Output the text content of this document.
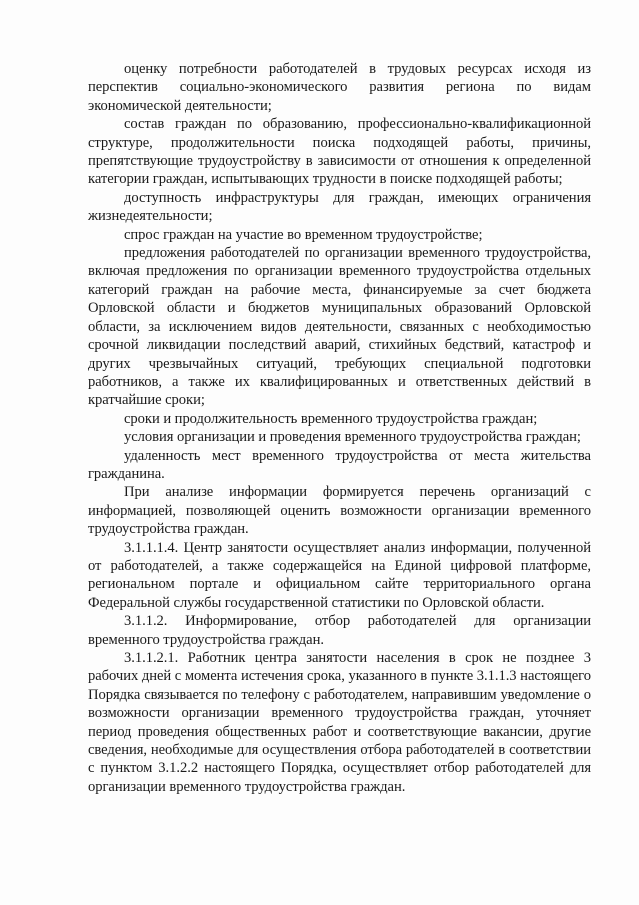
оценку потребности работодателей в трудовых ресурсах исходя из перспектив социально-экономического развития региона по видам экономической деятельности;

состав граждан по образованию, профессионально-квалификационной структуре, продолжительности поиска подходящей работы, причины, препятствующие трудоустройству в зависимости от отношения к определенной категории граждан, испытывающих трудности в поиске подходящей работы;

доступность инфраструктуры для граждан, имеющих ограничения жизнедеятельности;

спрос граждан на участие во временном трудоустройстве;

предложения работодателей по организации временного трудоустройства, включая предложения по организации временного трудоустройства отдельных категорий граждан на рабочие места, финансируемые за счет бюджета Орловской области и бюджетов муниципальных образований Орловской области, за исключением видов деятельности, связанных с необходимостью срочной ликвидации последствий аварий, стихийных бедствий, катастроф и других чрезвычайных ситуаций, требующих специальной подготовки работников, а также их квалифицированных и ответственных действий в кратчайшие сроки;

сроки и продолжительность временного трудоустройства граждан;

условия организации и проведения временного трудоустройства граждан;

удаленность мест временного трудоустройства от места жительства гражданина.

При анализе информации формируется перечень организаций с информацией, позволяющей оценить возможности организации временного трудоустройства граждан.

3.1.1.1.4. Центр занятости осуществляет анализ информации, полученной от работодателей, а также содержащейся на Единой цифровой платформе, региональном портале и официальном сайте территориального органа Федеральной службы государственной статистики по Орловской области.

3.1.1.2. Информирование, отбор работодателей для организации временного трудоустройства граждан.

3.1.1.2.1. Работник центра занятости населения в срок не позднее 3 рабочих дней с момента истечения срока, указанного в пункте 3.1.1.3 настоящего Порядка связывается по телефону с работодателем, направившим уведомление о возможности организации временного трудоустройства граждан, уточняет период проведения общественных работ и соответствующие вакансии, другие сведения, необходимые для осуществления отбора работодателей в соответствии с пунктом 3.1.2.2 настоящего Порядка, осуществляет отбор работодателей для организации временного трудоустройства граждан.
